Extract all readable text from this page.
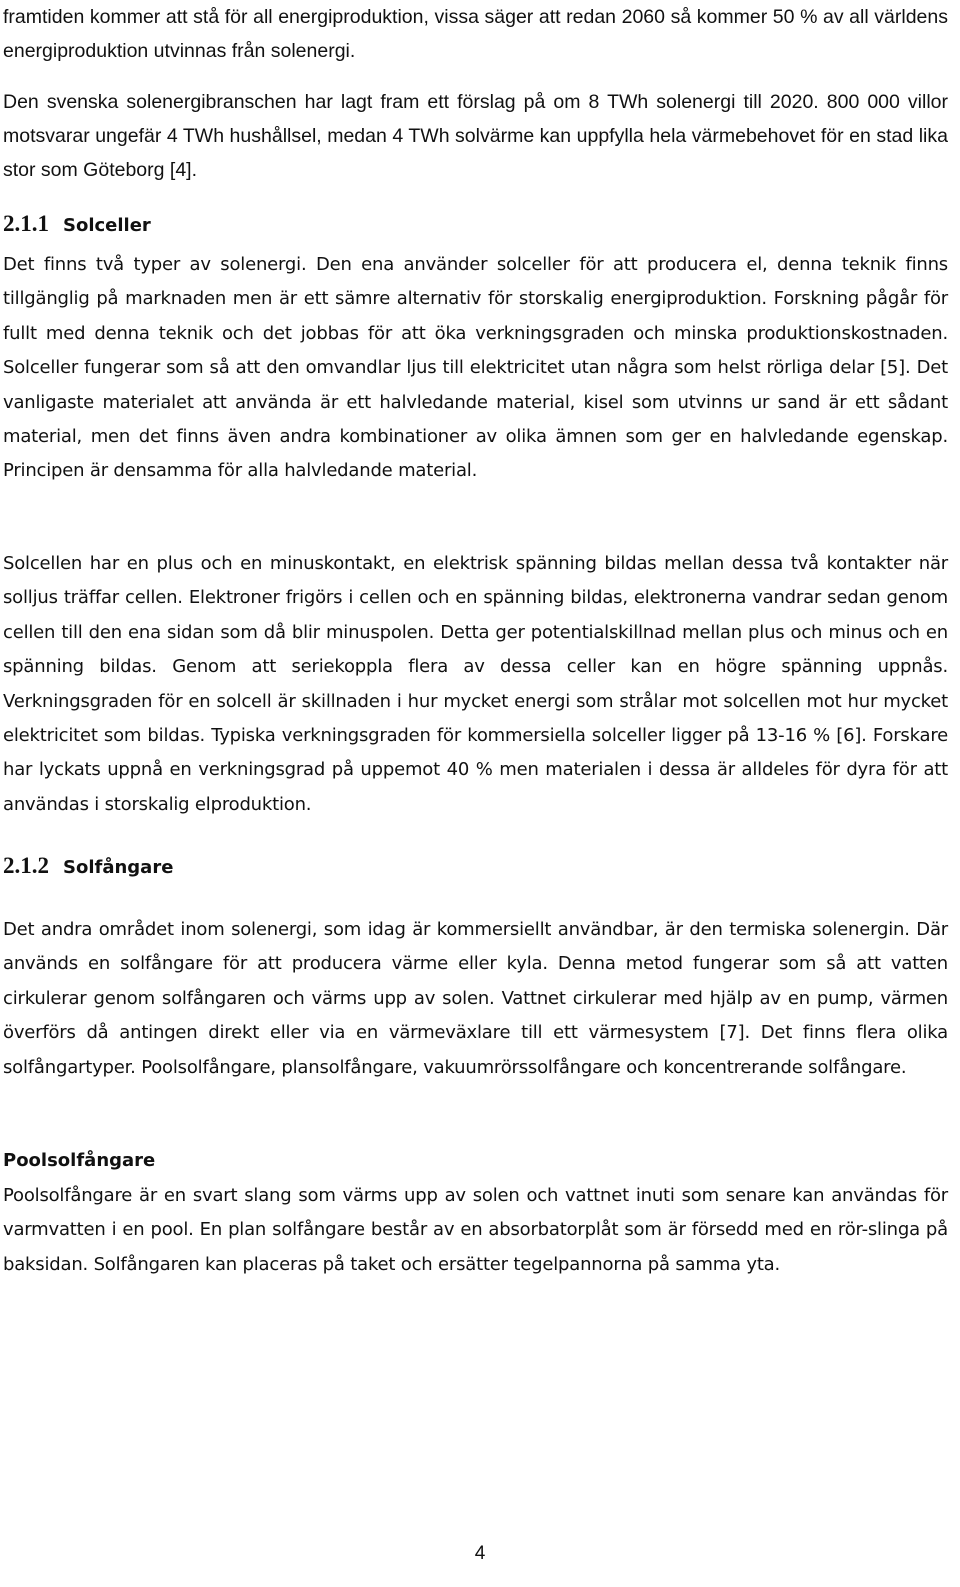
framtiden kommer att stå för all energiproduktion, vissa säger att redan 2060 så kommer 50 % av all världens energiproduktion utvinnas från solenergi.

Den svenska solenergibranschen har lagt fram ett förslag på om 8 TWh solenergi till 2020. 800 000 villor motsvarar ungefär 4 TWh hushållsel, medan 4 TWh solvärme kan uppfylla hela värmebehovet för en stad lika stor som Göteborg [4].

2.1.1 Solceller

Det finns två typer av solenergi. Den ena använder solceller för att producera el, denna teknik finns tillgänglig på marknaden men är ett sämre alternativ för storskalig energiproduktion. Forskning pågår för fullt med denna teknik och det jobbas för att öka verkningsgraden och minska produktionskostnaden. Solceller fungerar som så att den omvandlar ljus till elektricitet utan några som helst rörliga delar [5]. Det vanligaste materialet att använda är ett halvledande material, kisel som utvinns ur sand är ett sådant material, men det finns även andra kombinationer av olika ämnen som ger en halvledande egenskap. Principen är densamma för alla halvledande material.

Solcellen har en plus och en minuskontakt, en elektrisk spänning bildas mellan dessa två kontakter när solljus träffar cellen. Elektroner frigörs i cellen och en spänning bildas, elektronerna vandrar sedan genom cellen till den ena sidan som då blir minuspolen. Detta ger potentialskillnad mellan plus och minus och en spänning bildas. Genom att seriekoppla flera av dessa celler kan en högre spänning uppnås. Verkningsgraden för en solcell är skillnaden i hur mycket energi som strålar mot solcellen mot hur mycket elektricitet som bildas. Typiska verkningsgraden för kommersiella solceller ligger på 13-16 % [6]. Forskare har lyckats uppnå en verkningsgrad på uppemot 40 % men materialen i dessa är alldeles för dyra för att användas i storskalig elproduktion.

2.1.2 Solfångare

Det andra området inom solenergi, som idag är kommersiellt användbar, är den termiska solenergin. Där används en solfångare för att producera värme eller kyla. Denna metod fungerar som så att vatten cirkulerar genom solfångaren och värms upp av solen. Vattnet cirkulerar med hjälp av en pump, värmen överförs då antingen direkt eller via en värmeväxlare till ett värmesystem [7]. Det finns flera olika solfångartyper. Poolsolfångare, plansolfångare, vakuumrörssolfångare och koncentrerande solfångare.

Poolsolfångare

Poolsolfångare är en svart slang som värms upp av solen och vattnet inuti som senare kan användas för varmvatten i en pool. En plan solfångare består av en absorbatorplåt som är försedd med en rör-slinga på baksidan. Solfångaren kan placeras på taket och ersätter tegelpannorna på samma yta.

4
